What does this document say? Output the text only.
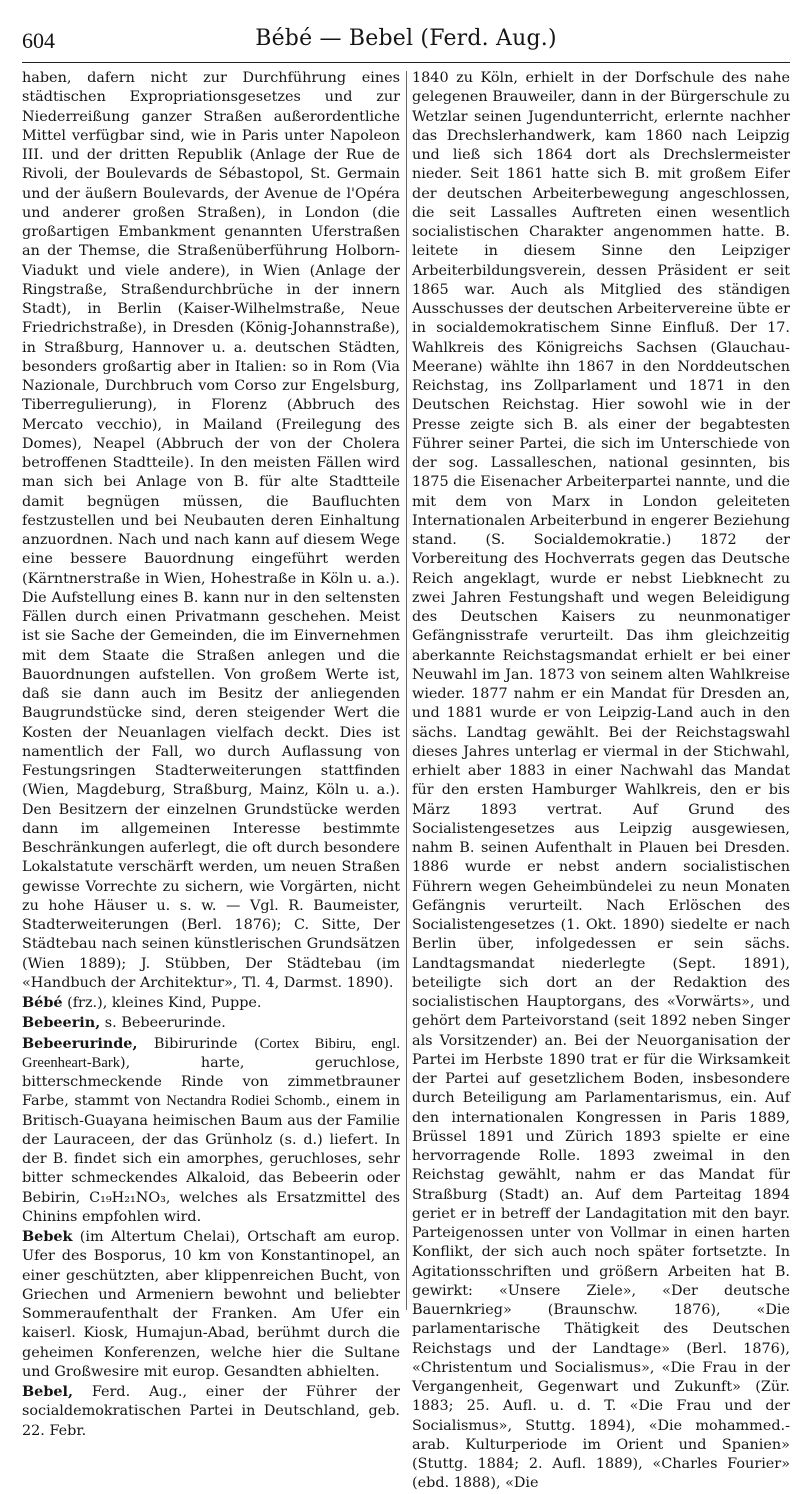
604	Bébé — Bebel (Ferd. Aug.)

haben, dafern nicht zur Durchführung eines städtischen Expropriationsgesetzes und zur Niederreißung ganzer Straßen außerordentliche Mittel verfügbar sind, wie in Paris unter Napoleon III. und der dritten Republik (Anlage der Rue de Rivoli, der Boulevards de Sébastopol, St. Germain und der äußern Boulevards, der Avenue de l'Opéra und anderer großen Straßen), in London (die großartigen Embankment genannten Uferstraßen an der Themse, die Straßenüberführung Holborn-Viadukt und viele andere), in Wien (Anlage der Ringstraße, Straßendurchbrüche in der innern Stadt), in Berlin (Kaiser-Wilhelmstraße, Neue Friedrichstraße), in Dresden (König-Johannstraße), in Straßburg, Hannover u. a. deutschen Städten, besonders großartig aber in Italien: so in Rom (Via Nazionale, Durchbruch vom Corso zur Engelsburg, Tiberregulierung), in Florenz (Abbruch des Mercato vecchio), in Mailand (Freilegung des Domes), Neapel (Abbruch der von der Cholera betroffenen Stadtteile). In den meisten Fällen wird man sich bei Anlage von B. für alte Stadtteile damit begnügen müssen, die Baufluchten festzustellen und bei Neubauten deren Einhaltung anzuordnen. Nach und nach kann auf diesem Wege eine bessere Bauordnung eingeführt werden (Kärntnerstraße in Wien, Hohestraße in Köln u. a.). Die Aufstellung eines B. kann nur in den seltensten Fällen durch einen Privatmann geschehen. Meist ist sie Sache der Gemeinden, die im Einvernehmen mit dem Staate die Straßen anlegen und die Bauordnungen aufstellen. Von großem Werte ist, daß sie dann auch im Besitz der anliegenden Baugrundstücke sind, deren steigender Wert die Kosten der Neuanlagen vielfach deckt. Dies ist namentlich der Fall, wo durch Auflassung von Festungsringen Stadterweiterungen stattfinden (Wien, Magdeburg, Straßburg, Mainz, Köln u. a.). Den Besitzern der einzelnen Grundstücke werden dann im allgemeinen Interesse bestimmte Beschränkungen auferlegt, die oft durch besondere Lokalstatute verschärft werden, um neuen Straßen gewisse Vorrechte zu sichern, wie Vorgärten, nicht zu hohe Häuser u. s. w. — Vgl. R. Baumeister, Stadterweiterungen (Berl. 1876); C. Sitte, Der Städtebau nach seinen künstlerischen Grundsätzen (Wien 1889); J. Stübben, Der Städtebau (im «Handbuch der Architektur», Tl. 4, Darmst. 1890).

Bébé (frz.), kleines Kind, Puppe.

Bebeerin, s. Bebeerurinde.

Bebeerurinde, Bibirurinde (Cortex Bibiru, engl. Greenheart-Bark), harte, geruchlose, bitterschmeckende Rinde von zimmetbrauner Farbe, stammt von Nectandra Rodiei Schomb., einem in Britisch-Guayana heimischen Baum aus der Familie der Lauraceen, der das Grünholz (s. d.) liefert. In der B. findet sich ein amorphes, geruchloses, sehr bitter schmeckendes Alkaloid, das Bebeerin oder Bebirin, C₁₉H₂₁NO₃, welches als Ersatzmittel des Chinins empfohlen wird.

Bebek (im Altertum Chelai), Ortschaft am europ. Ufer des Bosporus, 10 km von Konstantinopel, an einer geschützten, aber klippenreichen Bucht, von Griechen und Armeniern bewohnt und beliebter Sommeraufenthalt der Franken. Am Ufer ein kaiserl. Kiosk, Humajun-Abad, berühmt durch die geheimen Konferenzen, welche hier die Sultane und Großwesire mit europ. Gesandten abhielten.

Bebel, Ferd. Aug., einer der Führer der socialdemokratischen Partei in Deutschland, geb. 22. Febr.

1840 zu Köln, erhielt in der Dorfschule des nahe gelegenen Brauweiler, dann in der Bürgerschule zu Wetzlar seinen Jugendunterricht, erlernte nachher das Drechslerhandwerk, kam 1860 nach Leipzig und ließ sich 1864 dort als Drechslermeister nieder. Seit 1861 hatte sich B. mit großem Eifer der deutschen Arbeiterbewegung angeschlossen, die seit Lassalles Auftreten einen wesentlich socialistischen Charakter angenommen hatte. B. leitete in diesem Sinne den Leipziger Arbeiterbildungsverein, dessen Präsident er seit 1865 war. Auch als Mitglied des ständigen Ausschusses der deutschen Arbeitervereine übte er in socialdemokratischem Sinne Einfluß. Der 17. Wahlkreis des Königreichs Sachsen (Glauchau-Meerane) wählte ihn 1867 in den Norddeutschen Reichstag, ins Zollparlament und 1871 in den Deutschen Reichstag. Hier sowohl wie in der Presse zeigte sich B. als einer der begabtesten Führer seiner Partei, die sich im Unterschiede von der sog. Lassalleschen, national gesinnten, bis 1875 die Eisenacher Arbeiterpartei nannte, und die mit dem von Marx in London geleiteten Internationalen Arbeiterbund in engerer Beziehung stand. (S. Socialdemokratie.) 1872 der Vorbereitung des Hochverrats gegen das Deutsche Reich angeklagt, wurde er nebst Liebknecht zu zwei Jahren Festungshaft und wegen Beleidigung des Deutschen Kaisers zu neunmonatiger Gefängnisstrafe verurteilt. Das ihm gleichzeitig aberkannte Reichstagsmandat erhielt er bei einer Neuwahl im Jan. 1873 von seinem alten Wahlkreise wieder. 1877 nahm er ein Mandat für Dresden an, und 1881 wurde er von Leipzig-Land auch in den sächs. Landtag gewählt. Bei der Reichstagswahl dieses Jahres unterlag er viermal in der Stichwahl, erhielt aber 1883 in einer Nachwahl das Mandat für den ersten Hamburger Wahlkreis, den er bis März 1893 vertrat. Auf Grund des Socialistengesetzes aus Leipzig ausgewiesen, nahm B. seinen Aufenthalt in Plauen bei Dresden. 1886 wurde er nebst andern socialistischen Führern wegen Geheimbündelei zu neun Monaten Gefängnis verurteilt. Nach Erlöschen des Socialistengesetzes (1. Okt. 1890) siedelte er nach Berlin über, infolgedessen er sein sächs. Landtagsmandat niederlegte (Sept. 1891), beteiligte sich dort an der Redaktion des socialistischen Hauptorgans, des «Vorwärts», und gehört dem Parteivorstand (seit 1892 neben Singer als Vorsitzender) an. Bei der Neuorganisation der Partei im Herbste 1890 trat er für die Wirksamkeit der Partei auf gesetzlichem Boden, insbesondere durch Beteiligung am Parlamentarismus, ein. Auf den internationalen Kongressen in Paris 1889, Brüssel 1891 und Zürich 1893 spielte er eine hervorragende Rolle. 1893 zweimal in den Reichstag gewählt, nahm er das Mandat für Straßburg (Stadt) an. Auf dem Parteitag 1894 geriet er in betreff der Landagitation mit den bayr. Parteigenossen unter von Vollmar in einen harten Konflikt, der sich auch noch später fortsetzte. In Agitationsschriften und größern Arbeiten hat B. gewirkt: «Unsere Ziele», «Der deutsche Bauernkrieg» (Braunschw. 1876), «Die parlamentarische Thätigkeit des Deutschen Reichstags und der Landtage» (Berl. 1876), «Christentum und Socialismus», «Die Frau in der Vergangenheit, Gegenwart und Zukunft» (Zür. 1883; 25. Aufl. u. d. T. «Die Frau und der Socialismus», Stuttg. 1894), «Die mohammed.-arab. Kulturperiode im Orient und Spanien» (Stuttg. 1884; 2. Aufl. 1889), «Charles Fourier» (ebd. 1888), «Die
